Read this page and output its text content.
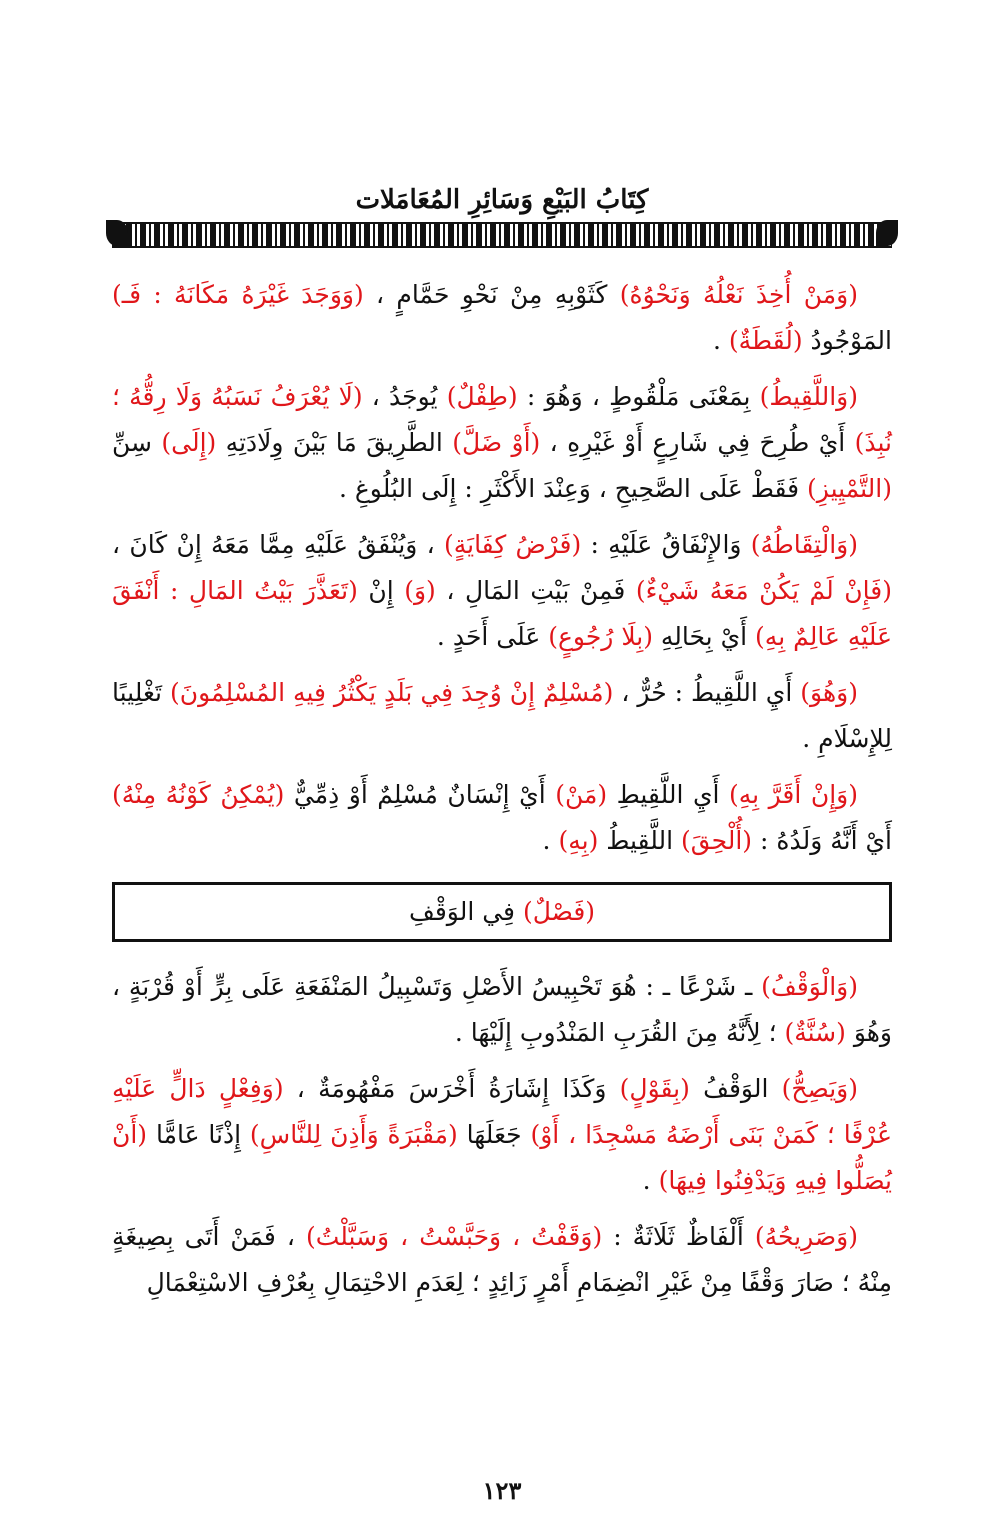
كِتَابُ البَيْعِ وَسَائِرِ المُعَامَلات

(وَمَنْ أُخِذَ نَعْلُهُ وَنَحْوُهُ) كَثَوْبِهِ مِنْ نَحْوِ حَمَّامٍ ، (وَوَجَدَ غَيْرَهُ مَكَانَهُ : فَـ) المَوْجُودُ (لُقَطَةٌ) .

(وَاللَّقِيطُ) بِمَعْنَى مَلْقُوطٍ ، وَهُوَ : (طِفْلٌ) يُوجَدُ ، (لَا يُعْرَفُ نَسَبُهُ وَلَا رِقُّهُ ؛ نُبِذَ) أَيْ طُرِحَ فِي شَارِعٍ أَوْ غَيْرِهِ ، (أَوْ ضَلَّ) الطَّرِيقَ مَا بَيْنَ وِلَادَتِهِ (إِلَى) سِنِّ (التَّمْيِيزِ) فَقَطْ عَلَى الصَّحِيحِ ، وَعِنْدَ الأَكْثَرِ : إِلَى البُلُوغِ .

(وَالْتِقَاطُهُ) وَالإِنْفَاقُ عَلَيْهِ : (فَرْضُ كِفَايَةٍ) ، وَيُنْفَقُ عَلَيْهِ مِمَّا مَعَهُ إِنْ كَانَ ، (فَإِنْ لَمْ يَكُنْ مَعَهُ شَيْءٌ) فَمِنْ بَيْتِ المَالِ ، (وَ) إِنْ (تَعَذَّرَ بَيْتُ المَالِ : أَنْفَقَ عَلَيْهِ عَالِمٌ بِهِ) أَيْ بِحَالِهِ (بِلَا رُجُوعٍ) عَلَى أَحَدٍ .

(وَهُوَ) أَيِ اللَّقِيطُ : حُرٌّ ، (مُسْلِمٌ إِنْ وُجِدَ فِي بَلَدٍ يَكْثُرُ فِيهِ المُسْلِمُونَ) تَغْلِيبًا لِلإِسْلَامِ .

(وَإِنْ أَقَرَّ بِهِ) أَيِ اللَّقِيطِ (مَنْ) أَيْ إِنْسَانٌ مُسْلِمٌ أَوْ ذِمِّيٌّ (يُمْكِنُ كَوْنُهُ مِنْهُ) أَيْ أَنَّهُ وَلَدُهُ : (أُلْحِقَ) اللَّقِيطُ (بِهِ) .

(فَصْلٌ) فِي الوَقْفِ

(وَالْوَقْفُ) ـ شَرْعًا ـ : هُوَ تَحْبِيسُ الأَصْلِ وَتَسْبِيلُ المَنْفَعَةِ عَلَى بِرٍّ أَوْ قُرْبَةٍ ، وَهُوَ (سُنَّةٌ) ؛ لِأَنَّهُ مِنَ القُرَبِ المَنْدُوبِ إِلَيْهَا .

(وَيَصِحُّ) الوَقْفُ (بِقَوْلٍ) وَكَذَا إِشَارَةُ أَخْرَسَ مَفْهُومَةٌ ، (وَفِعْلٍ دَالٍّ عَلَيْهِ عُرْفًا ؛ كَمَنْ بَنَى أَرْضَهُ مَسْجِدًا ، أَوْ) جَعَلَهَا (مَقْبَرَةً وَأَذِنَ لِلنَّاسِ) إِذْنًا عَامًّا (أَنْ يُصَلُّوا فِيهِ وَيَدْفِنُوا فِيهَا) .

(وَصَرِيحُهُ) أَلْفَاظٌ ثَلَاثَةٌ : (وَقَفْتُ ، وَحَبَّسْتُ ، وَسَبَّلْتُ) ، فَمَنْ أَتَى بِصِيغَةٍ مِنْهُ ؛ صَارَ وَقْفًا مِنْ غَيْرِ انْضِمَامِ أَمْرٍ زَائِدٍ ؛ لِعَدَمِ الاحْتِمَالِ بِعُرْفِ الاسْتِعْمَالِ

١٢٣
